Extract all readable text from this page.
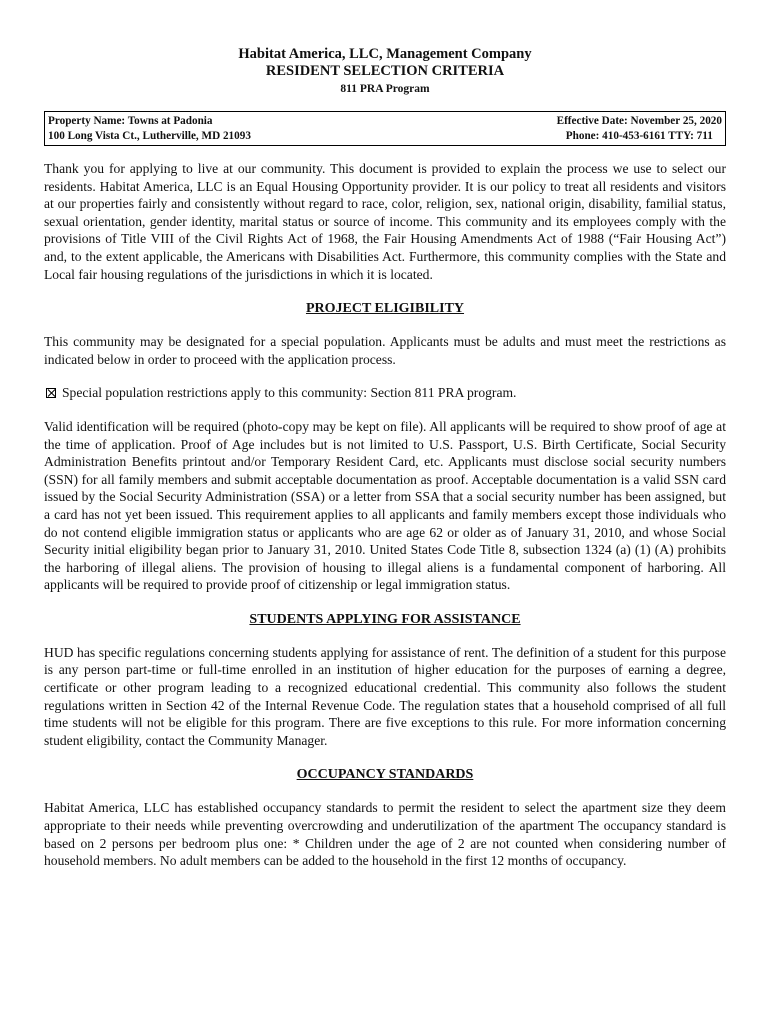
Habitat America, LLC, Management Company
RESIDENT SELECTION CRITERIA
811 PRA Program
Property Name: Towns at Padonia
100 Long Vista Ct., Lutherville, MD 21093
Effective Date: November 25, 2020
Phone: 410-453-6161 TTY: 711

Thank you for applying to live at our community. This document is provided to explain the process we use to select our residents. Habitat America, LLC is an Equal Housing Opportunity provider. It is our policy to treat all residents and visitors at our properties fairly and consistently without regard to race, color, religion, sex, national origin, disability, familial status, sexual orientation, gender identity, marital status or source of income. This community and its employees comply with the provisions of Title VIII of the Civil Rights Act of 1968, the Fair Housing Amendments Act of 1988 (“Fair Housing Act”) and, to the extent applicable, the Americans with Disabilities Act. Furthermore, this community complies with the State and Local fair housing regulations of the jurisdictions in which it is located.

PROJECT ELIGIBILITY

This community may be designated for a special population. Applicants must be adults and must meet the restrictions as indicated below in order to proceed with the application process.

Special population restrictions apply to this community: Section 811 PRA program.

Valid identification will be required (photo-copy may be kept on file). All applicants will be required to show proof of age at the time of application. Proof of Age includes but is not limited to U.S. Passport, U.S. Birth Certificate, Social Security Administration Benefits printout and/or Temporary Resident Card, etc. Applicants must disclose social security numbers (SSN) for all family members and submit acceptable documentation as proof. Acceptable documentation is a valid SSN card issued by the Social Security Administration (SSA) or a letter from SSA that a social security number has been assigned, but a card has not yet been issued. This requirement applies to all applicants and family members except those individuals who do not contend eligible immigration status or applicants who are age 62 or older as of January 31, 2010, and whose Social Security initial eligibility began prior to January 31, 2010. United States Code Title 8, subsection 1324 (a) (1) (A) prohibits the harboring of illegal aliens. The provision of housing to illegal aliens is a fundamental component of harboring. All applicants will be required to provide proof of citizenship or legal immigration status.

STUDENTS APPLYING FOR ASSISTANCE

HUD has specific regulations concerning students applying for assistance of rent. The definition of a student for this purpose is any person part-time or full-time enrolled in an institution of higher education for the purposes of earning a degree, certificate or other program leading to a recognized educational credential. This community also follows the student regulations written in Section 42 of the Internal Revenue Code. The regulation states that a household comprised of all full time students will not be eligible for this program. There are five exceptions to this rule. For more information concerning student eligibility, contact the Community Manager.

OCCUPANCY STANDARDS

Habitat America, LLC has established occupancy standards to permit the resident to select the apartment size they deem appropriate to their needs while preventing overcrowding and underutilization of the apartment The occupancy standard is based on 2 persons per bedroom plus one: * Children under the age of 2 are not counted when considering number of household members. No adult members can be added to the household in the first 12 months of occupancy.
